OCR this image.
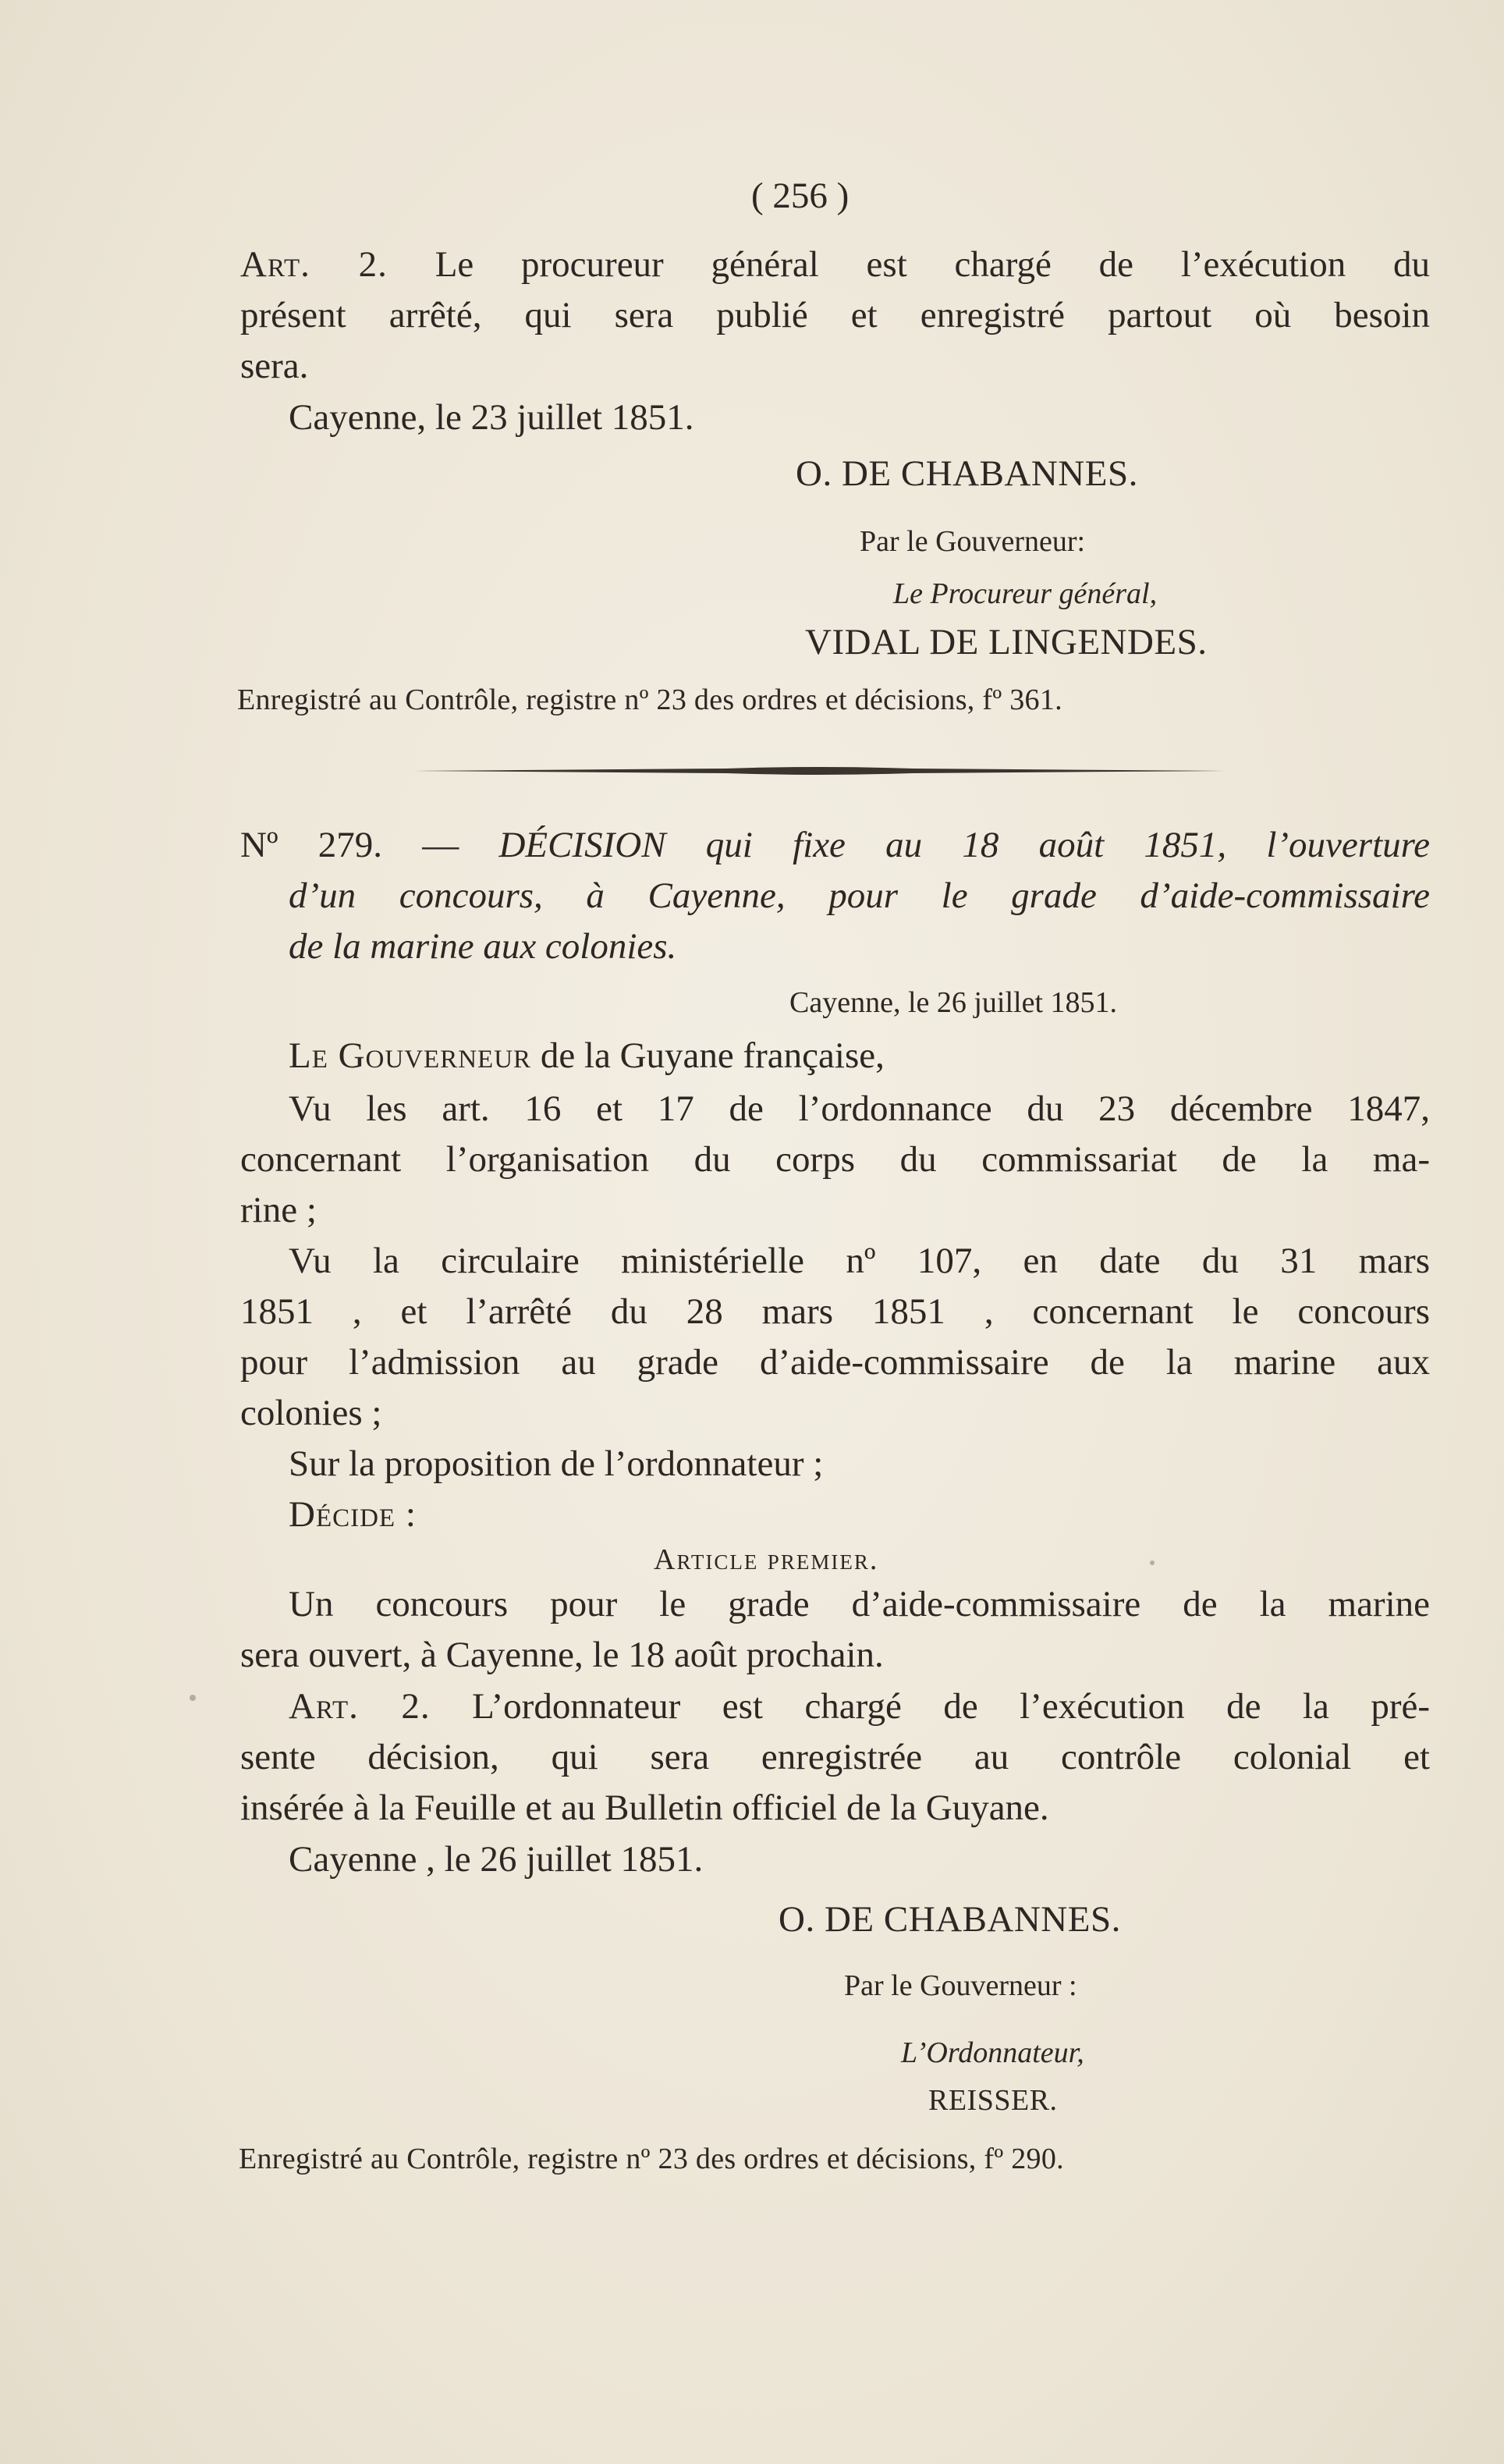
( 256 )
Art. 2. Le procureur général est chargé de l’exécution du
présent arrêté, qui sera publié et enregistré partout où besoin
sera.
Cayenne, le 23 juillet 1851.
O. DE CHABANNES.
Par le Gouverneur:
Le Procureur général,
VIDAL DE LINGENDES.
Enregistré au Contrôle, registre nº 23 des ordres et décisions, fº 361.
Nº 279. — DÉCISION qui fixe au 18 août 1851, l’ouverture
d’un concours, à Cayenne, pour le grade d’aide-commissaire
de la marine aux colonies.
Cayenne, le 26 juillet 1851.
Le Gouverneur de la Guyane française,
Vu les art. 16 et 17 de l’ordonnance du 23 décembre 1847,
concernant l’organisation du corps du commissariat de la ma-
rine ;
Vu la circulaire ministérielle nº 107, en date du 31 mars
1851 , et l’arrêté du 28 mars 1851 , concernant le concours
pour l’admission au grade d’aide-commissaire de la marine aux
colonies ;
Sur la proposition de l’ordonnateur ;
Décide :
Article premier.
Un concours pour le grade d’aide-commissaire de la marine
sera ouvert, à Cayenne, le 18 août prochain.
Art. 2. L’ordonnateur est chargé de l’exécution de la pré-
sente décision, qui sera enregistrée au contrôle colonial et
insérée à la Feuille et au Bulletin officiel de la Guyane.
Cayenne , le 26 juillet 1851.
O. DE CHABANNES.
Par le Gouverneur :
L’Ordonnateur,
REISSER.
Enregistré au Contrôle, registre nº 23 des ordres et décisions, fº 290.
